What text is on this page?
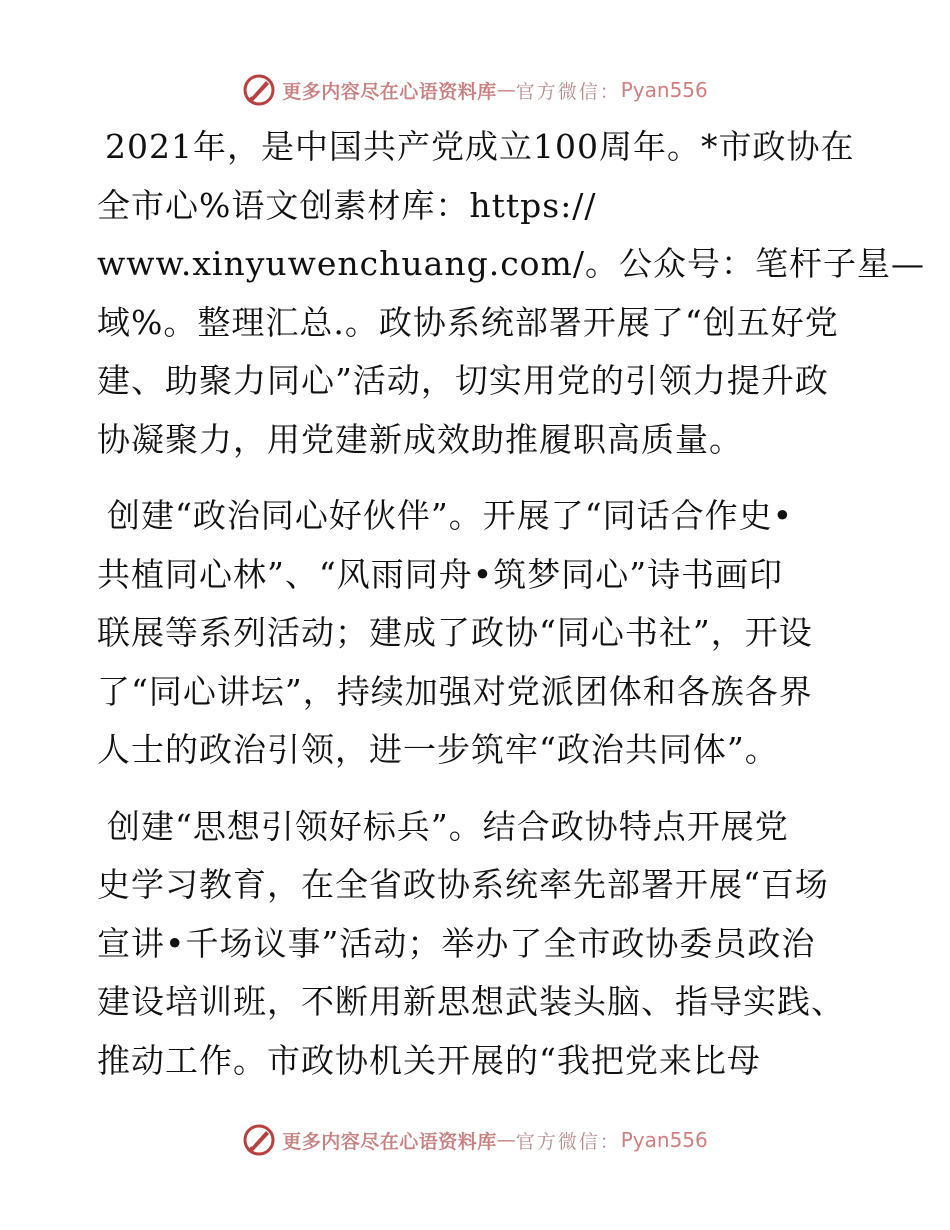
更多内容尽在心语资料库 — 官方微信： Pyan556

2021年，是中国共产党成立100周年。*市政协在
全市心%语文创素材库：https://
www.xinyuwenchuang.com/。公众号：笔杆子星—
域%。整理汇总.。政协系统部署开展了“创五好党
建、助聚力同心”活动，切实用党的引领力提升政
协凝聚力，用党建新成效助推履职高质量。

创建“政治同心好伙伴”。开展了“同话合作史•
共植同心林”、“风雨同舟•筑梦同心”诗书画印
联展等系列活动；建成了政协“同心书社”，开设
了“同心讲坛”，持续加强对党派团体和各族各界
人士的政治引领，进一步筑牢“政治共同体”。

创建“思想引领好标兵”。结合政协特点开展党
史学习教育，在全省政协系统率先部署开展“百场
宣讲•千场议事”活动；举办了全市政协委员政治
建设培训班，不断用新思想武装头脑、指导实践、
推动工作。市政协机关开展的“我把党来比母

更多内容尽在心语资料库 — 官方微信： Pyan556
